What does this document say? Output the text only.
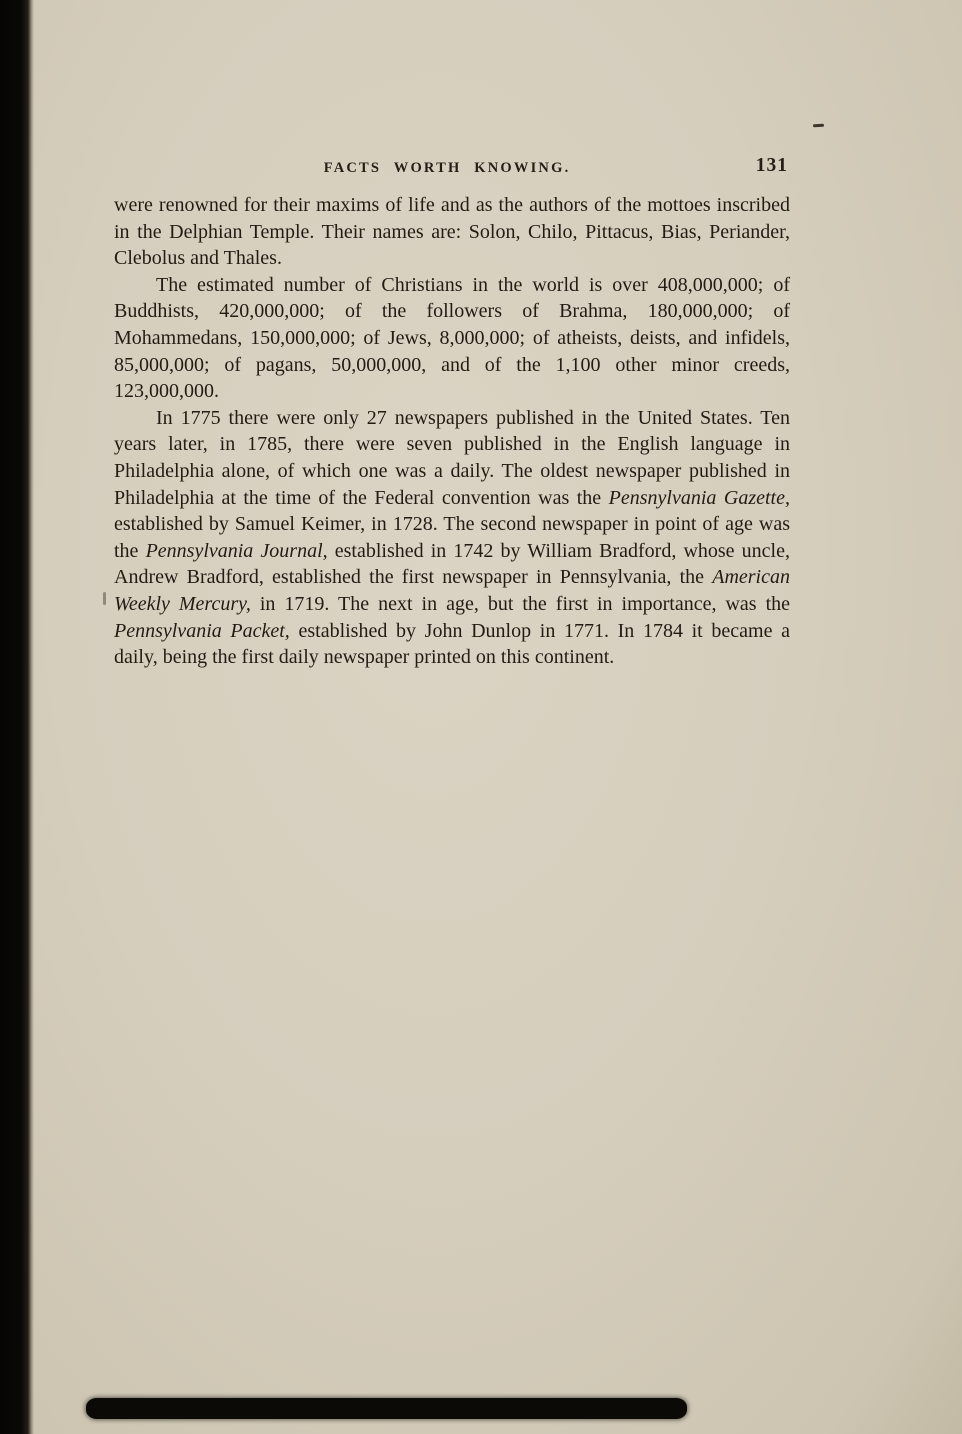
FACTS WORTH KNOWING.	131

were renowned for their maxims of life and as the authors of the mottoes inscribed in the Delphian Temple. Their names are: Solon, Chilo, Pittacus, Bias, Periander, Clebolus and Thales.

The estimated number of Christians in the world is over 408,000,000; of Buddhists, 420,000,000; of the followers of Brahma, 180,000,000; of Mohammedans, 150,000,000; of Jews, 8,000,000; of atheists, deists, and infidels, 85,000,000; of pagans, 50,000,000, and of the 1,100 other minor creeds, 123,000,000.

In 1775 there were only 27 newspapers published in the United States. Ten years later, in 1785, there were seven published in the English language in Philadelphia alone, of which one was a daily. The oldest newspaper published in Philadelphia at the time of the Federal convention was the Pensnylvania Gazette, established by Samuel Keimer, in 1728. The second newspaper in point of age was the Pennsylvania Journal, established in 1742 by William Bradford, whose uncle, Andrew Bradford, established the first newspaper in Pennsylvania, the American Weekly Mercury, in 1719. The next in age, but the first in importance, was the Pennsylvania Packet, established by John Dunlop in 1771. In 1784 it became a daily, being the first daily newspaper printed on this continent.
